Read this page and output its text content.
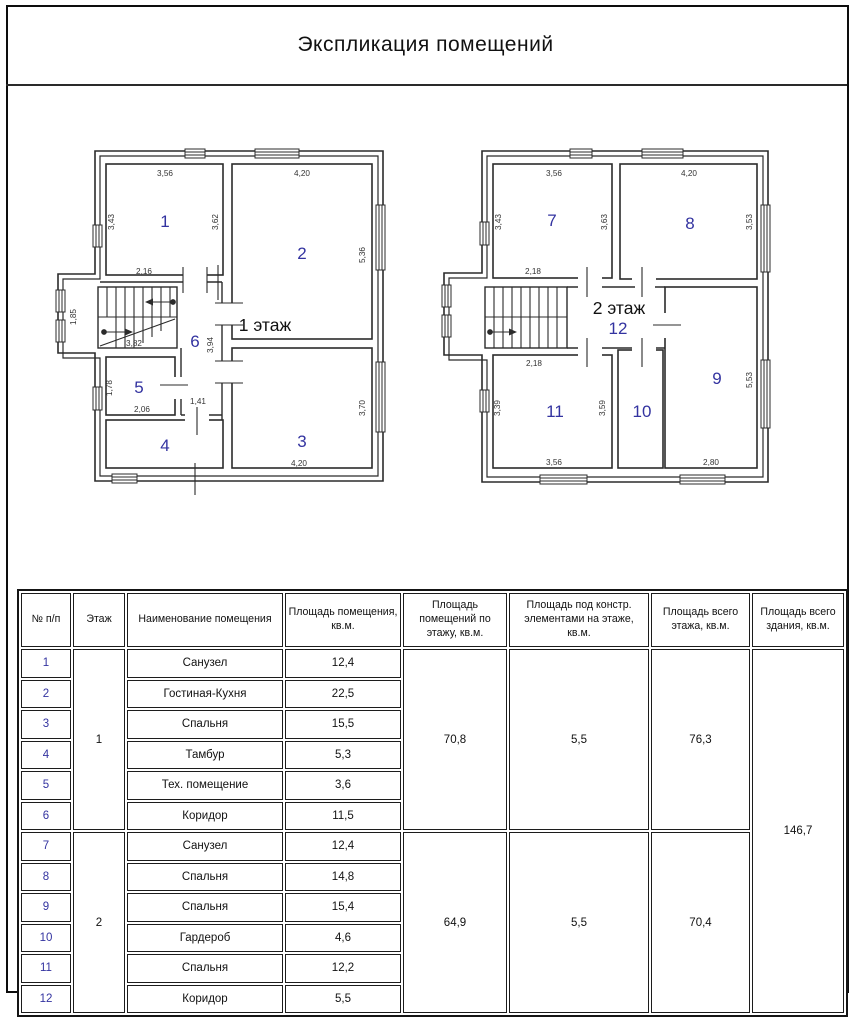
Экспликация помещений
1
2
3
4
5
6
1 этаж
3,56	4,20
3,43	3,62
5,36
2,16
1,85
3,82	3,94
1,78
2,06
1,41	3,70
4,20
7	8
9
10
11
12
2 этаж
3,56	4,20
3,43	3,63	3,53
2,18
2,18
3,39	3,59
5,53
3,56	2,80
№ п/п	Этаж	Наименование помещения	Площадь помещения, кв.м.	Площадь помещений по этажу, кв.м.	Площадь под констр. элементами на этаже, кв.м.	Площадь всего этажа, кв.м.	Площадь всего здания, кв.м.
1	1	Санузел	12,4	70,8	5,5	76,3	146,7
2		Гостиная-Кухня	22,5				
3		Спальня	15,5				
4		Тамбур	5,3				
5		Тех. помещение	3,6				
6		Коридор	11,5				
7	2	Санузел	12,4	64,9	5,5	70,4	
8		Спальня	14,8				
9		Спальня	15,4				
10		Гардероб	4,6				
11		Спальня	12,2				
12		Коридор	5,5				
